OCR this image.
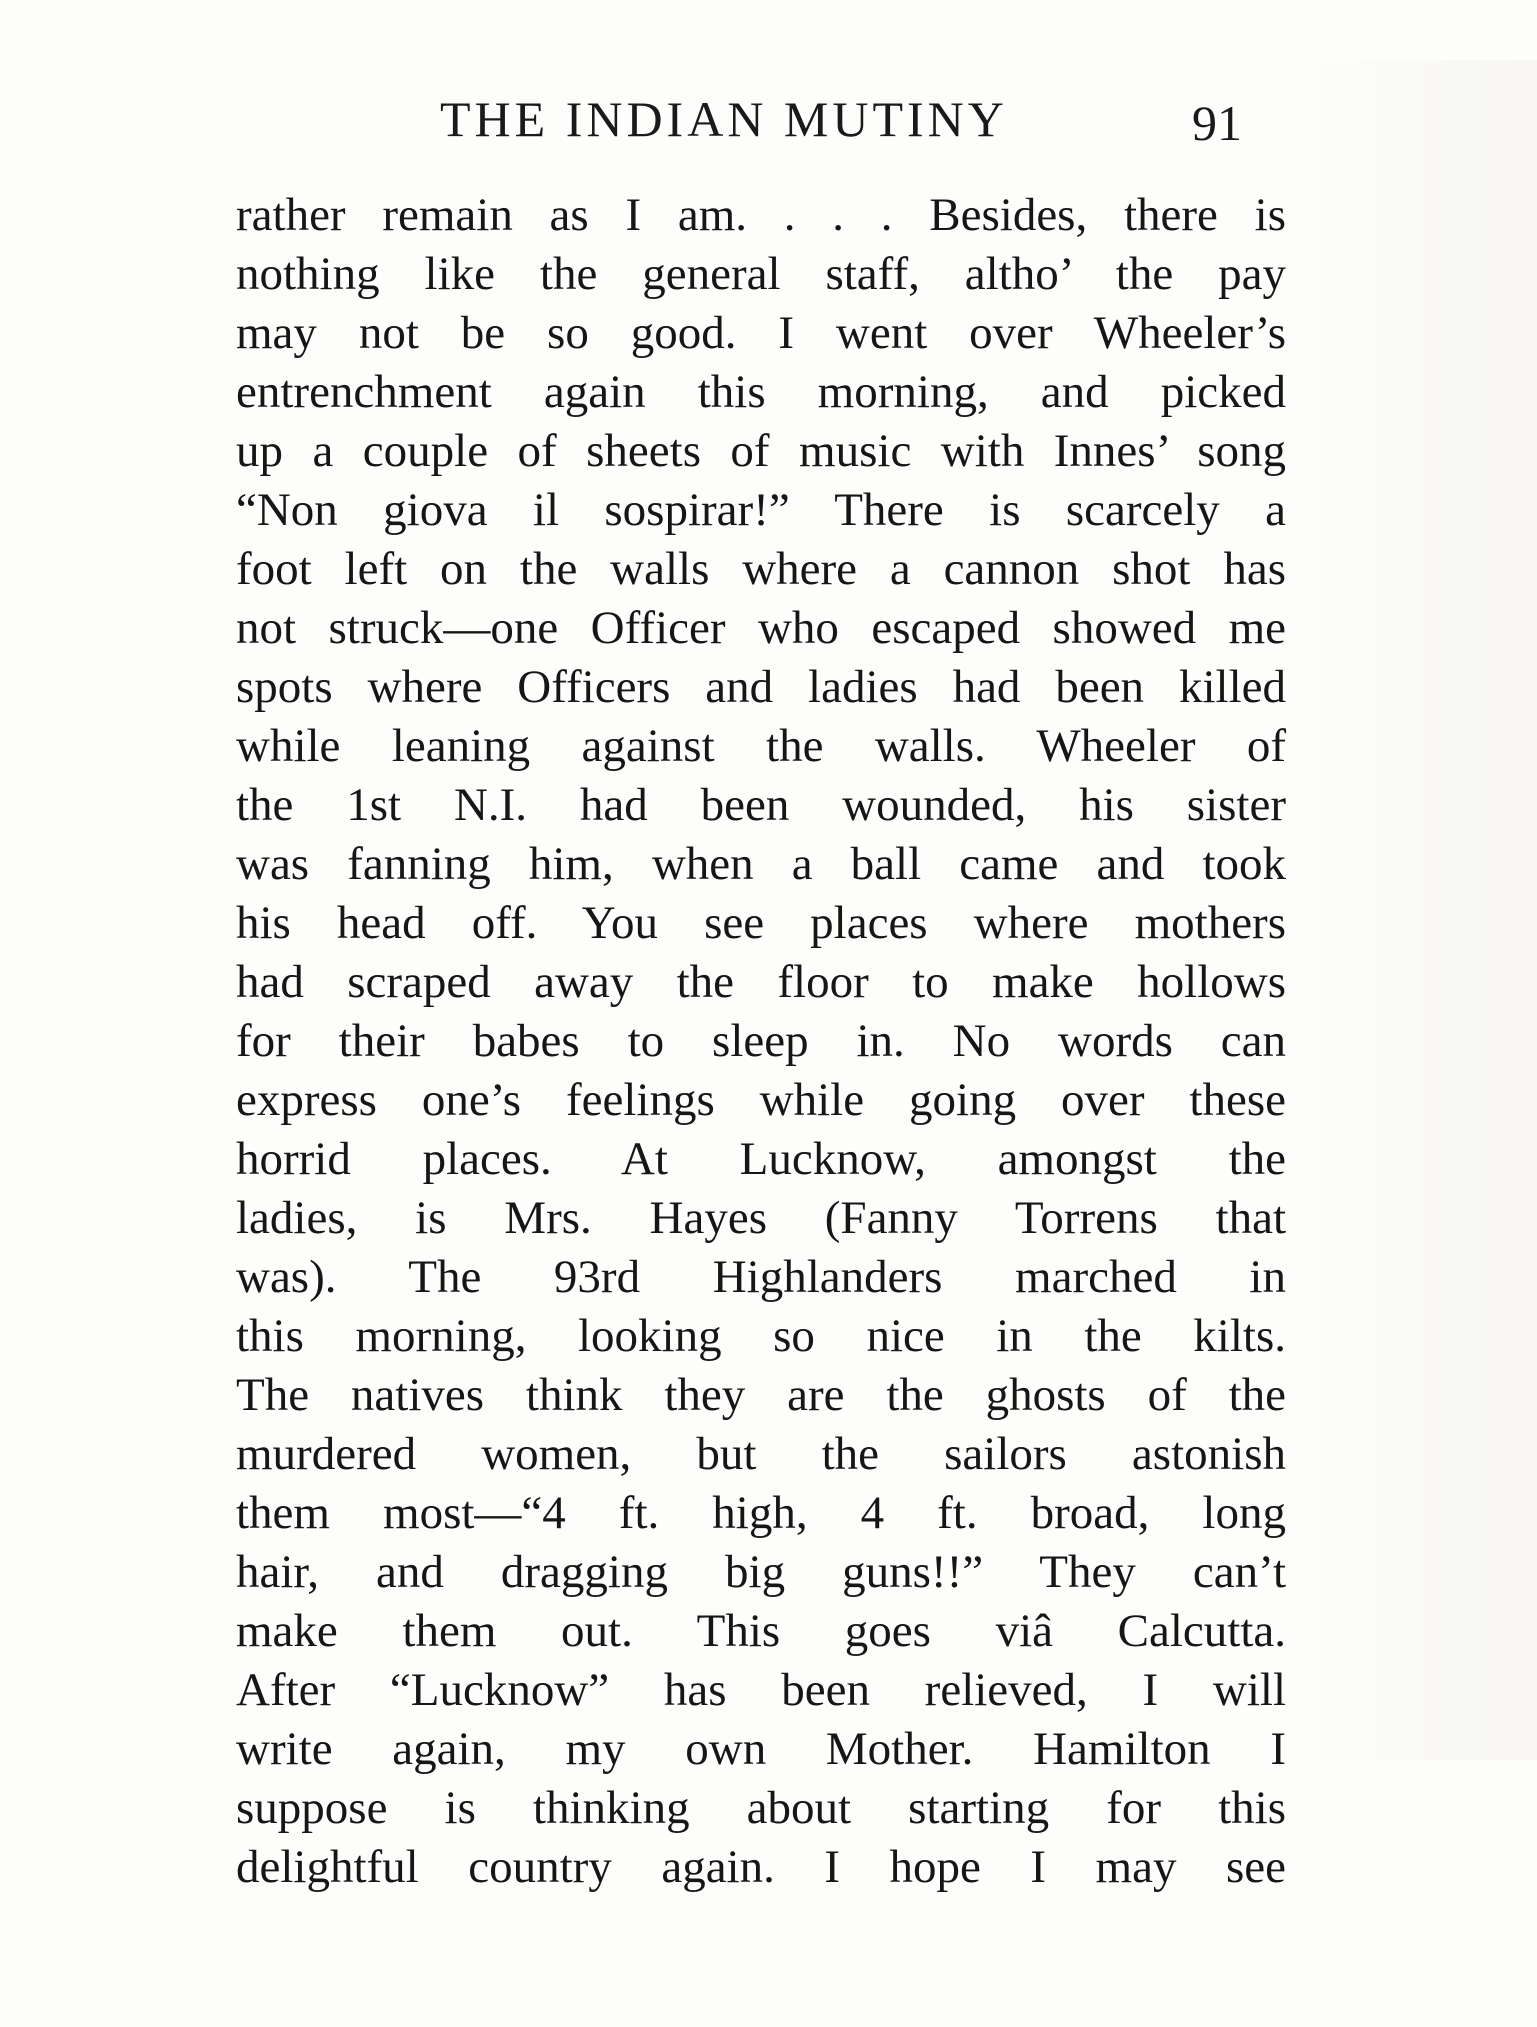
THE INDIAN MUTINY	91
rather remain as I am. . . . Besides, there is
nothing like the general staff, altho’ the pay
may not be so good. I went over Wheeler’s
entrenchment again this morning, and picked
up a couple of sheets of music with Innes’ song
“Non giova il sospirar!” There is scarcely a
foot left on the walls where a cannon shot has
not struck—one Officer who escaped showed me
spots where Officers and ladies had been killed
while leaning against the walls. Wheeler of
the 1st N.I. had been wounded, his sister
was fanning him, when a ball came and took
his head off. You see places where mothers
had scraped away the floor to make hollows
for their babes to sleep in. No words can
express one’s feelings while going over these
horrid places. At Lucknow, amongst the
ladies, is Mrs. Hayes (Fanny Torrens that
was). The 93rd Highlanders marched in
this morning, looking so nice in the kilts.
The natives think they are the ghosts of the
murdered women, but the sailors astonish
them most—“4 ft. high, 4 ft. broad, long
hair, and dragging big guns!!” They can’t
make them out. This goes viâ Calcutta.
After “Lucknow” has been relieved, I will
write again, my own Mother. Hamilton I
suppose is thinking about starting for this
delightful country again. I hope I may see
